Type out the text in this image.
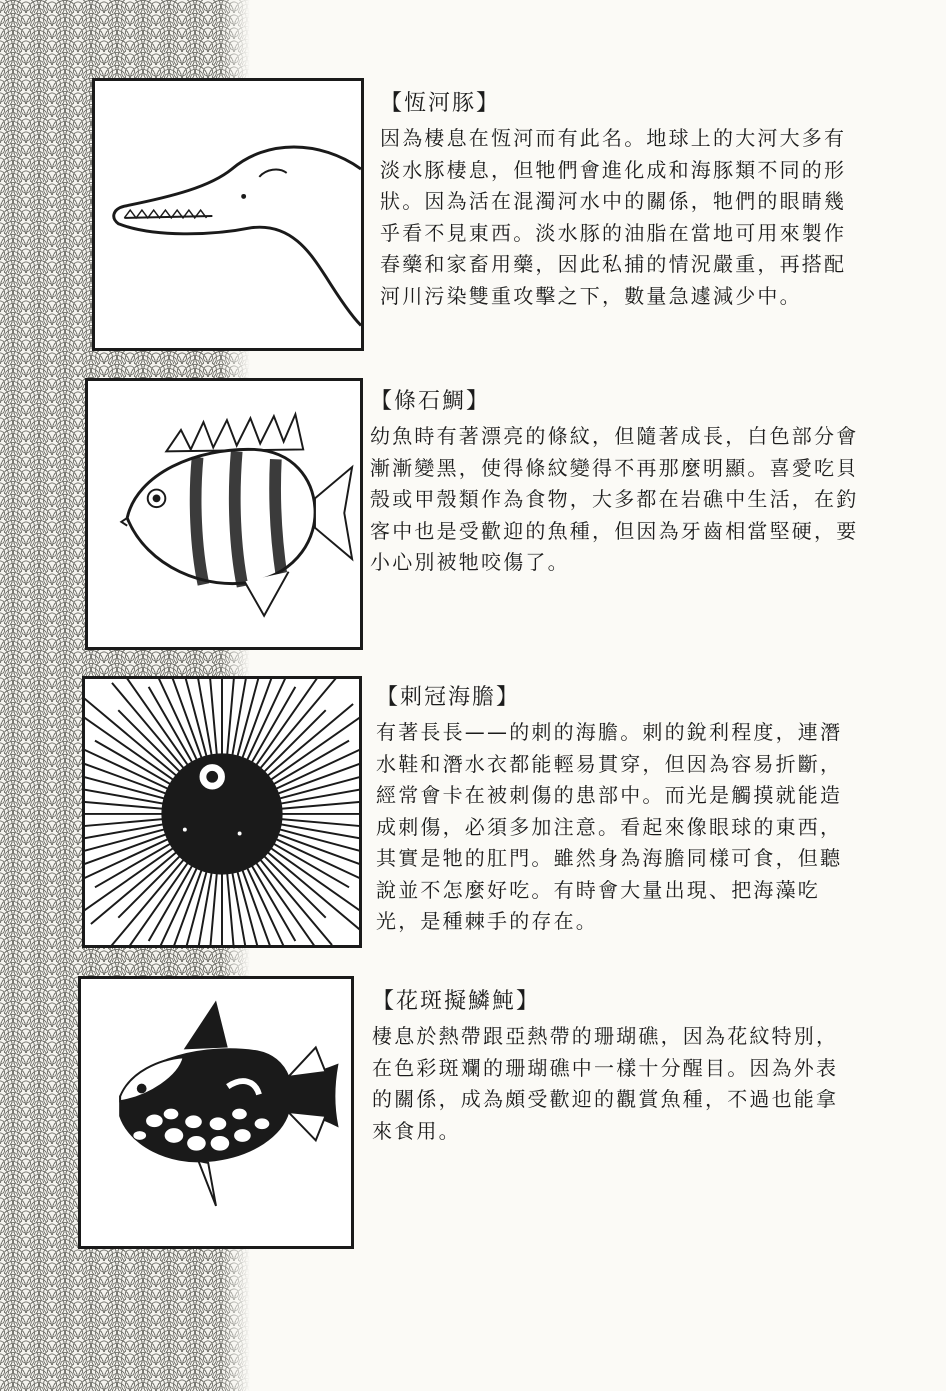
【恆河豚】

因為棲息在恆河而有此名。地球上的大河大多有淡水豚棲息，但牠們會進化成和海豚類不同的形狀。因為活在混濁河水中的關係，牠們的眼睛幾乎看不見東西。淡水豚的油脂在當地可用來製作春藥和家畜用藥，因此私捕的情況嚴重，再搭配河川污染雙重攻擊之下，數量急遽減少中。

【條石鯛】

幼魚時有著漂亮的條紋，但隨著成長，白色部分會漸漸變黑，使得條紋變得不再那麼明顯。喜愛吃貝殼或甲殼類作為食物，大多都在岩礁中生活，在釣客中也是受歡迎的魚種，但因為牙齒相當堅硬，要小心別被牠咬傷了。

【刺冠海膽】

有著長長——的刺的海膽。刺的銳利程度，連潛水鞋和潛水衣都能輕易貫穿，但因為容易折斷，經常會卡在被刺傷的患部中。而光是觸摸就能造成刺傷，必須多加注意。看起來像眼球的東西，其實是牠的肛門。雖然身為海膽同樣可食，但聽說並不怎麼好吃。有時會大量出現、把海藻吃光，是種棘手的存在。

【花斑擬鱗魨】

棲息於熱帶跟亞熱帶的珊瑚礁，因為花紋特別，在色彩斑斕的珊瑚礁中一樣十分醒目。因為外表的關係，成為頗受歡迎的觀賞魚種，不過也能拿來食用。
